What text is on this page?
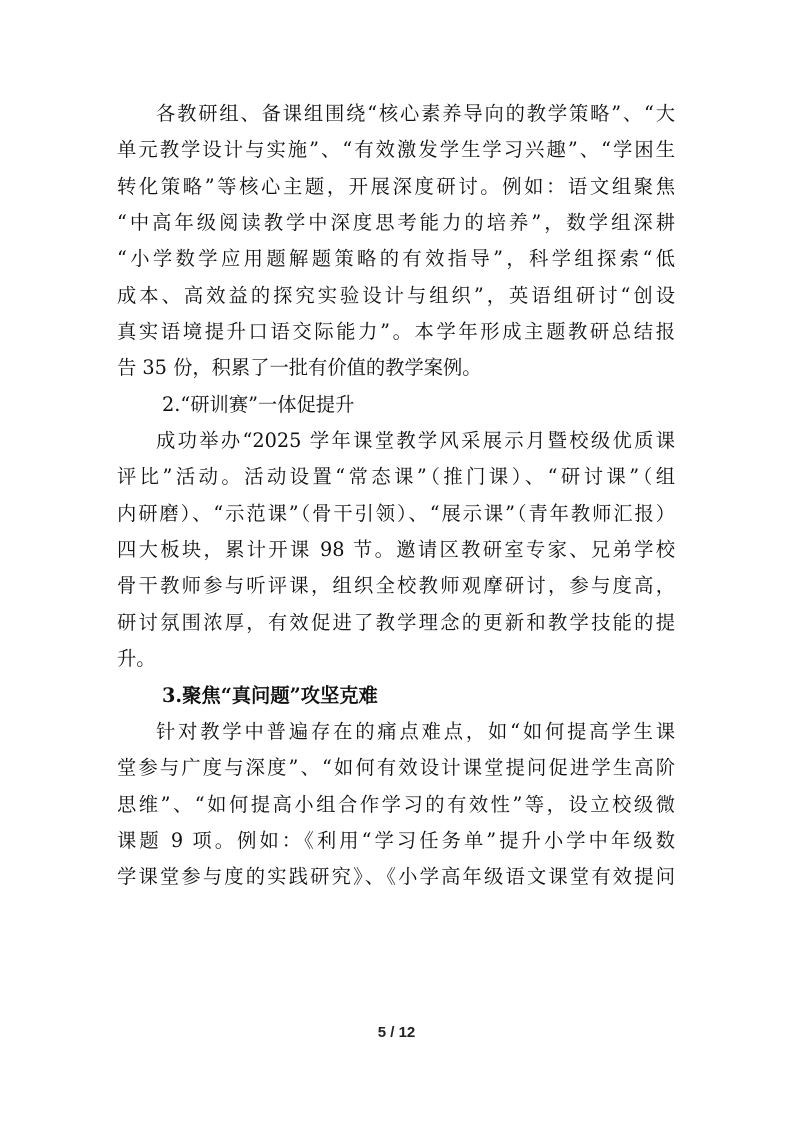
各教研组、备课组围绕“核心素养导向的教学策略”、“大
单元教学设计与实施”、“有效激发学生学习兴趣”、“学困生
转化策略”等核心主题，开展深度研讨。例如：语文组聚焦
“中高年级阅读教学中深度思考能力的培养”，数学组深耕
“小学数学应用题解题策略的有效指导”，科学组探索“低
成本、高效益的探究实验设计与组织”，英语组研讨“创设
真实语境提升口语交际能力”。本学年形成主题教研总结报
告 35 份，积累了一批有价值的教学案例。
2.“研训赛”一体促提升
成功举办“2025 学年课堂教学风采展示月暨校级优质课
评比”活动。活动设置“常态课”（推门课）、“研讨课”（组
内研磨）、“示范课”（骨干引领）、“展示课”（青年教师汇报）
四大板块，累计开课 98 节。邀请区教研室专家、兄弟学校
骨干教师参与听评课，组织全校教师观摩研讨，参与度高，
研讨氛围浓厚，有效促进了教学理念的更新和教学技能的提
升。
3.聚焦“真问题”攻坚克难
针对教学中普遍存在的痛点难点，如“如何提高学生课
堂参与广度与深度”、“如何有效设计课堂提问促进学生高阶
思维”、“如何提高小组合作学习的有效性”等，设立校级微
课题 9 项。例如：《利用“学习任务单”提升小学中年级数
学课堂参与度的实践研究》、《小学高年级语文课堂有效提问
5 / 12
